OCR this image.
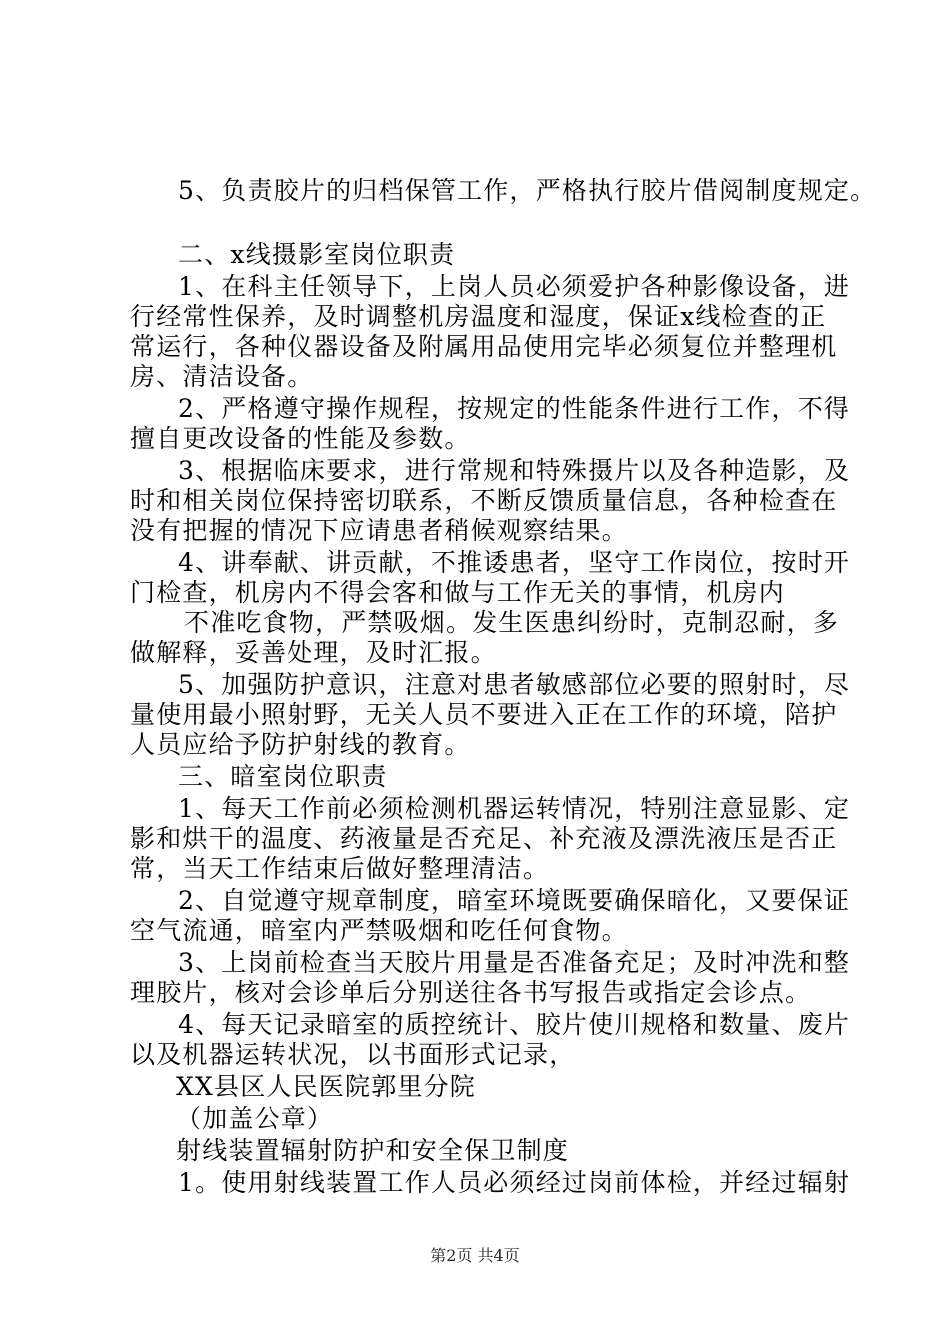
5、负责胶片的归档保管工作，严格执行胶片借阅制度规定。
二、x线摄影室岗位职责
1、在科主任领导下，上岗人员必须爱护各种影像设备，进
行经常性保养，及时调整机房温度和湿度，保证x线检查的正
常运行，各种仪器设备及附属用品使用完毕必须复位并整理机
房、清洁设备。
2、严格遵守操作规程，按规定的性能条件进行工作，不得
擅自更改设备的性能及参数。
3、根据临床要求，进行常规和特殊摄片以及各种造影，及
时和相关岗位保持密切联系，不断反馈质量信息，各种检查在
没有把握的情况下应请患者稍候观察结果。
4、讲奉献、讲贡献，不推诿患者，坚守工作岗位，按时开
门检查，机房内不得会客和做与工作无关的事情，机房内
不准吃食物，严禁吸烟。发生医患纠纷时，克制忍耐，多
做解释，妥善处理，及时汇报。
5、加强防护意识，注意对患者敏感部位必要的照射时，尽
量使用最小照射野，无关人员不要进入正在工作的环境，陪护
人员应给予防护射线的教育。
三、暗室岗位职责
1、每天工作前必须检测机器运转情况，特别注意显影、定
影和烘干的温度、药液量是否充足、补充液及漂洗液压是否正
常，当天工作结束后做好整理清洁。
2、自觉遵守规章制度，暗室环境既要确保暗化，又要保证
空气流通，暗室内严禁吸烟和吃任何食物。
3、上岗前检查当天胶片用量是否准备充足；及时冲洗和整
理胶片，核对会诊单后分别送往各书写报告或指定会诊点。
4、每天记录暗室的质控统计、胶片使川规格和数量、废片
以及机器运转状况，以书面形式记录，
XX县区人民医院郭里分院
（加盖公章）
射线装置辐射防护和安全保卫制度
1。使用射线装置工作人员必须经过岗前体检，并经过辐射
第2页 共4页
